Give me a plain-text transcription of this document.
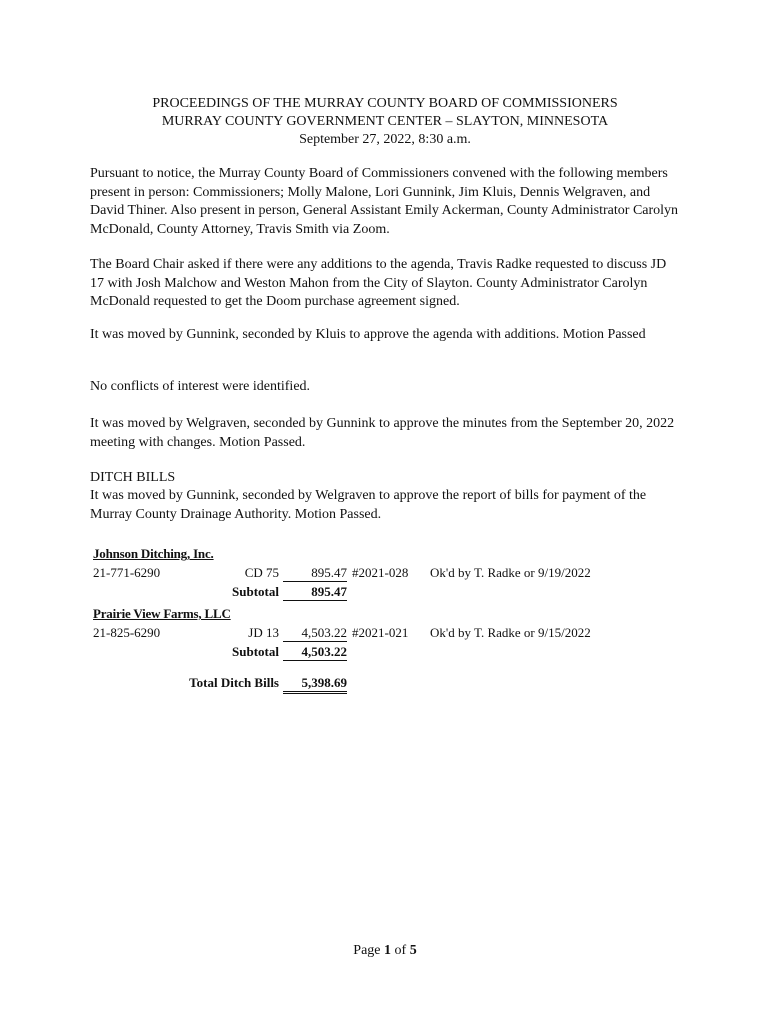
PROCEEDINGS OF THE MURRAY COUNTY BOARD OF COMMISSIONERS
MURRAY COUNTY GOVERNMENT CENTER – SLAYTON, MINNESOTA
September 27, 2022, 8:30 a.m.
Pursuant to notice, the Murray County Board of Commissioners convened with the following members present in person: Commissioners; Molly Malone, Lori Gunnink, Jim Kluis, Dennis Welgraven, and David Thiner. Also present in person, General Assistant Emily Ackerman, County Administrator Carolyn McDonald, County Attorney, Travis Smith via Zoom.
The Board Chair asked if there were any additions to the agenda, Travis Radke requested to discuss JD 17 with Josh Malchow and Weston Mahon from the City of Slayton. County Administrator Carolyn McDonald requested to get the Doom purchase agreement signed.
It was moved by Gunnink, seconded by Kluis to approve the agenda with additions. Motion Passed
No conflicts of interest were identified.
It was moved by Welgraven, seconded by Gunnink to approve the minutes from the September 20, 2022 meeting with changes. Motion Passed.
DITCH BILLS
It was moved by Gunnink, seconded by Welgraven to approve the report of bills for payment of the Murray County Drainage Authority. Motion Passed.
Johnson Ditching, Inc.
21-771-6290	CD 75	895.47 #2021-028 Ok'd by T. Radke or 9/19/2022
Subtotal	895.47
Prairie View Farms, LLC
21-825-6290	JD 13	4,503.22 #2021-021 Ok'd by T. Radke or 9/15/2022
Subtotal	4,503.22
Total Ditch Bills	5,398.69
Page 1 of 5
